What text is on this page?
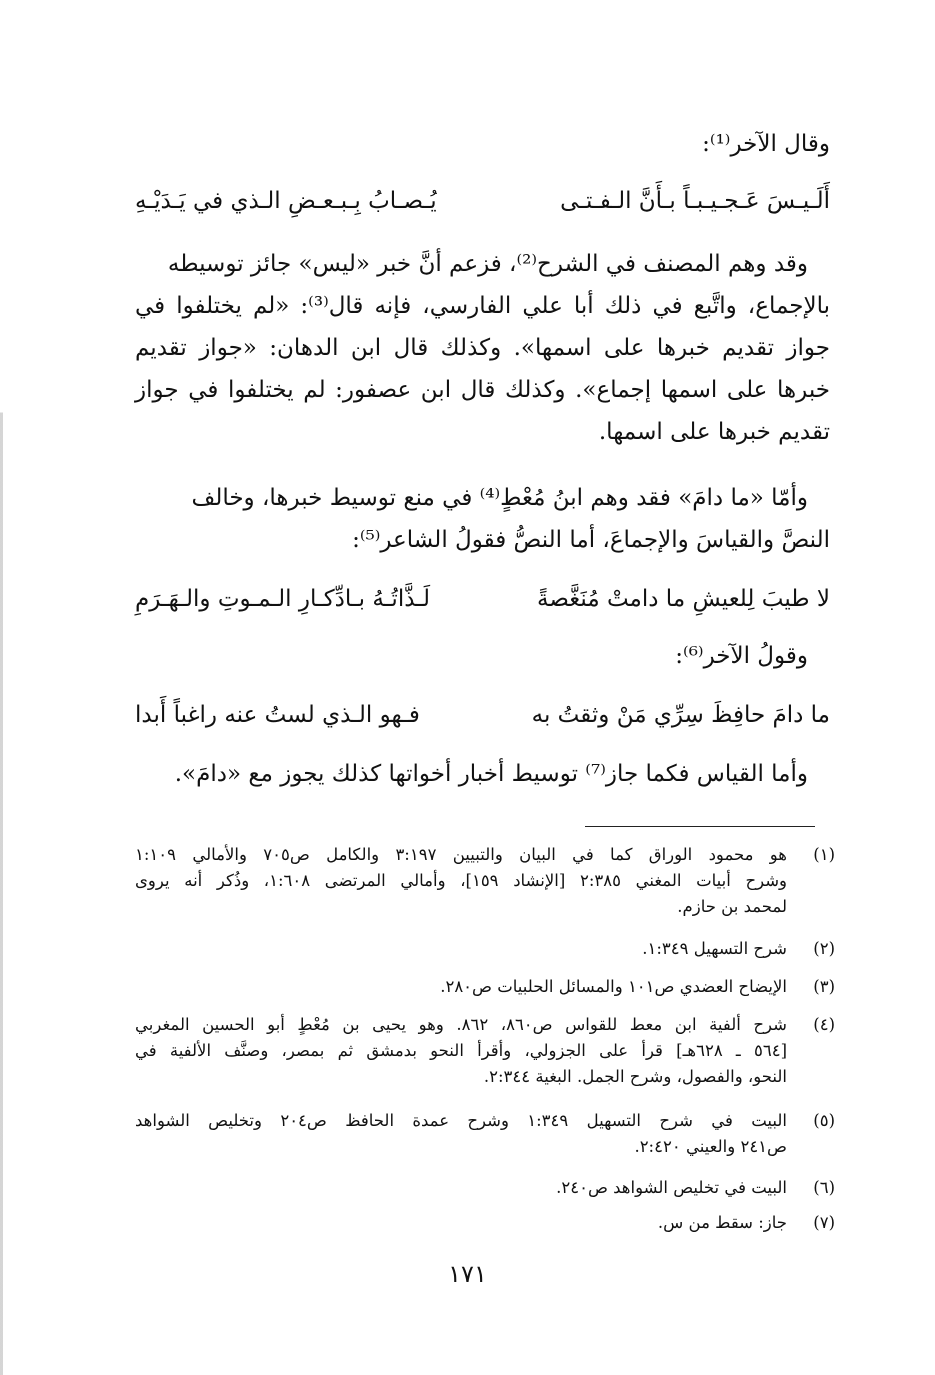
وقال الآخر⁽¹⁾:
أَلَـيـسَ عَـجـيـبـاً بـأَنَّ الـفـتـى
يُـصـابُ بِـبـعـضِ الـذي في يَـدَيْـهِ
وقد وهم المصنف في الشرح⁽²⁾، فزعم أنَّ خبر «ليس» جائز توسيطه
بالإجماع، واتَّبع في ذلك أبا علي الفارسي، فإنه قال⁽³⁾: «لم يختلفوا في
جواز تقديم خبرها على اسمها». وكذلك قال ابن الدهان: «جواز تقديم
خبرها على اسمها إجماع». وكذلك قال ابن عصفور: لم يختلفوا في جواز
تقديم خبرها على اسمها.
وأمّا «ما دامَ» فقد وهم ابنُ مُعْطٍ⁽⁴⁾ في منع توسيط خبرها، وخالف
النصَّ والقياسَ والإجماعَ، أما النصُّ فقولُ الشاعر⁽⁵⁾:
لا طيبَ لِلعيشِ ما دامتْ مُنَغَّصةً
لَـذَّاتُـهُ بـادِّكـارِ الـمـوتِ والـهَـرَمِ
وقولُ الآخر⁽⁶⁾:
ما دامَ حافِظَ سِرِّي مَنْ وثقتُ به
فـهو الـذي لستُ عنه راغباً أَبدا
وأما القياس فكما جاز⁽⁷⁾ توسيط أخبار أخواتها كذلك يجوز مع «دامَ».
(١)
هو محمود الوراق كما في البيان والتبيين ٣:١٩٧ والكامل ص٧٠٥ والأمالي ١:١٠٩
وشرح أبيات المغني ٢:٣٨٥ [الإنشاد ١٥٩]، وأمالي المرتضى ١:٦٠٨، وذُكر أنه يروى
لمحمد بن حازم.
(٢)
شرح التسهيل ١:٣٤٩.
(٣)
الإيضاح العضدي ص١٠١ والمسائل الحلبيات ص٢٨٠.
(٤)
شرح ألفية ابن معط للقواس ص٨٦٠، ٨٦٢. وهو يحيى بن مُعْطٍ أبو الحسين المغربي
[٥٦٤ ـ ٦٢٨هـ] قرأ على الجزولي، وأقرأ النحو بدمشق ثم بمصر، وصنَّف الألفية في
النحو، والفصول، وشرح الجمل. البغية ٢:٣٤٤.
(٥)
البيت في شرح التسهيل ١:٣٤٩ وشرح عمدة الحافظ ص٢٠٤ وتخليص الشواهد
ص٢٤١ والعيني ٢:٤٢٠.
(٦)
البيت في تخليص الشواهد ص٢٤٠.
(٧)
جاز: سقط من س.
١٧١
